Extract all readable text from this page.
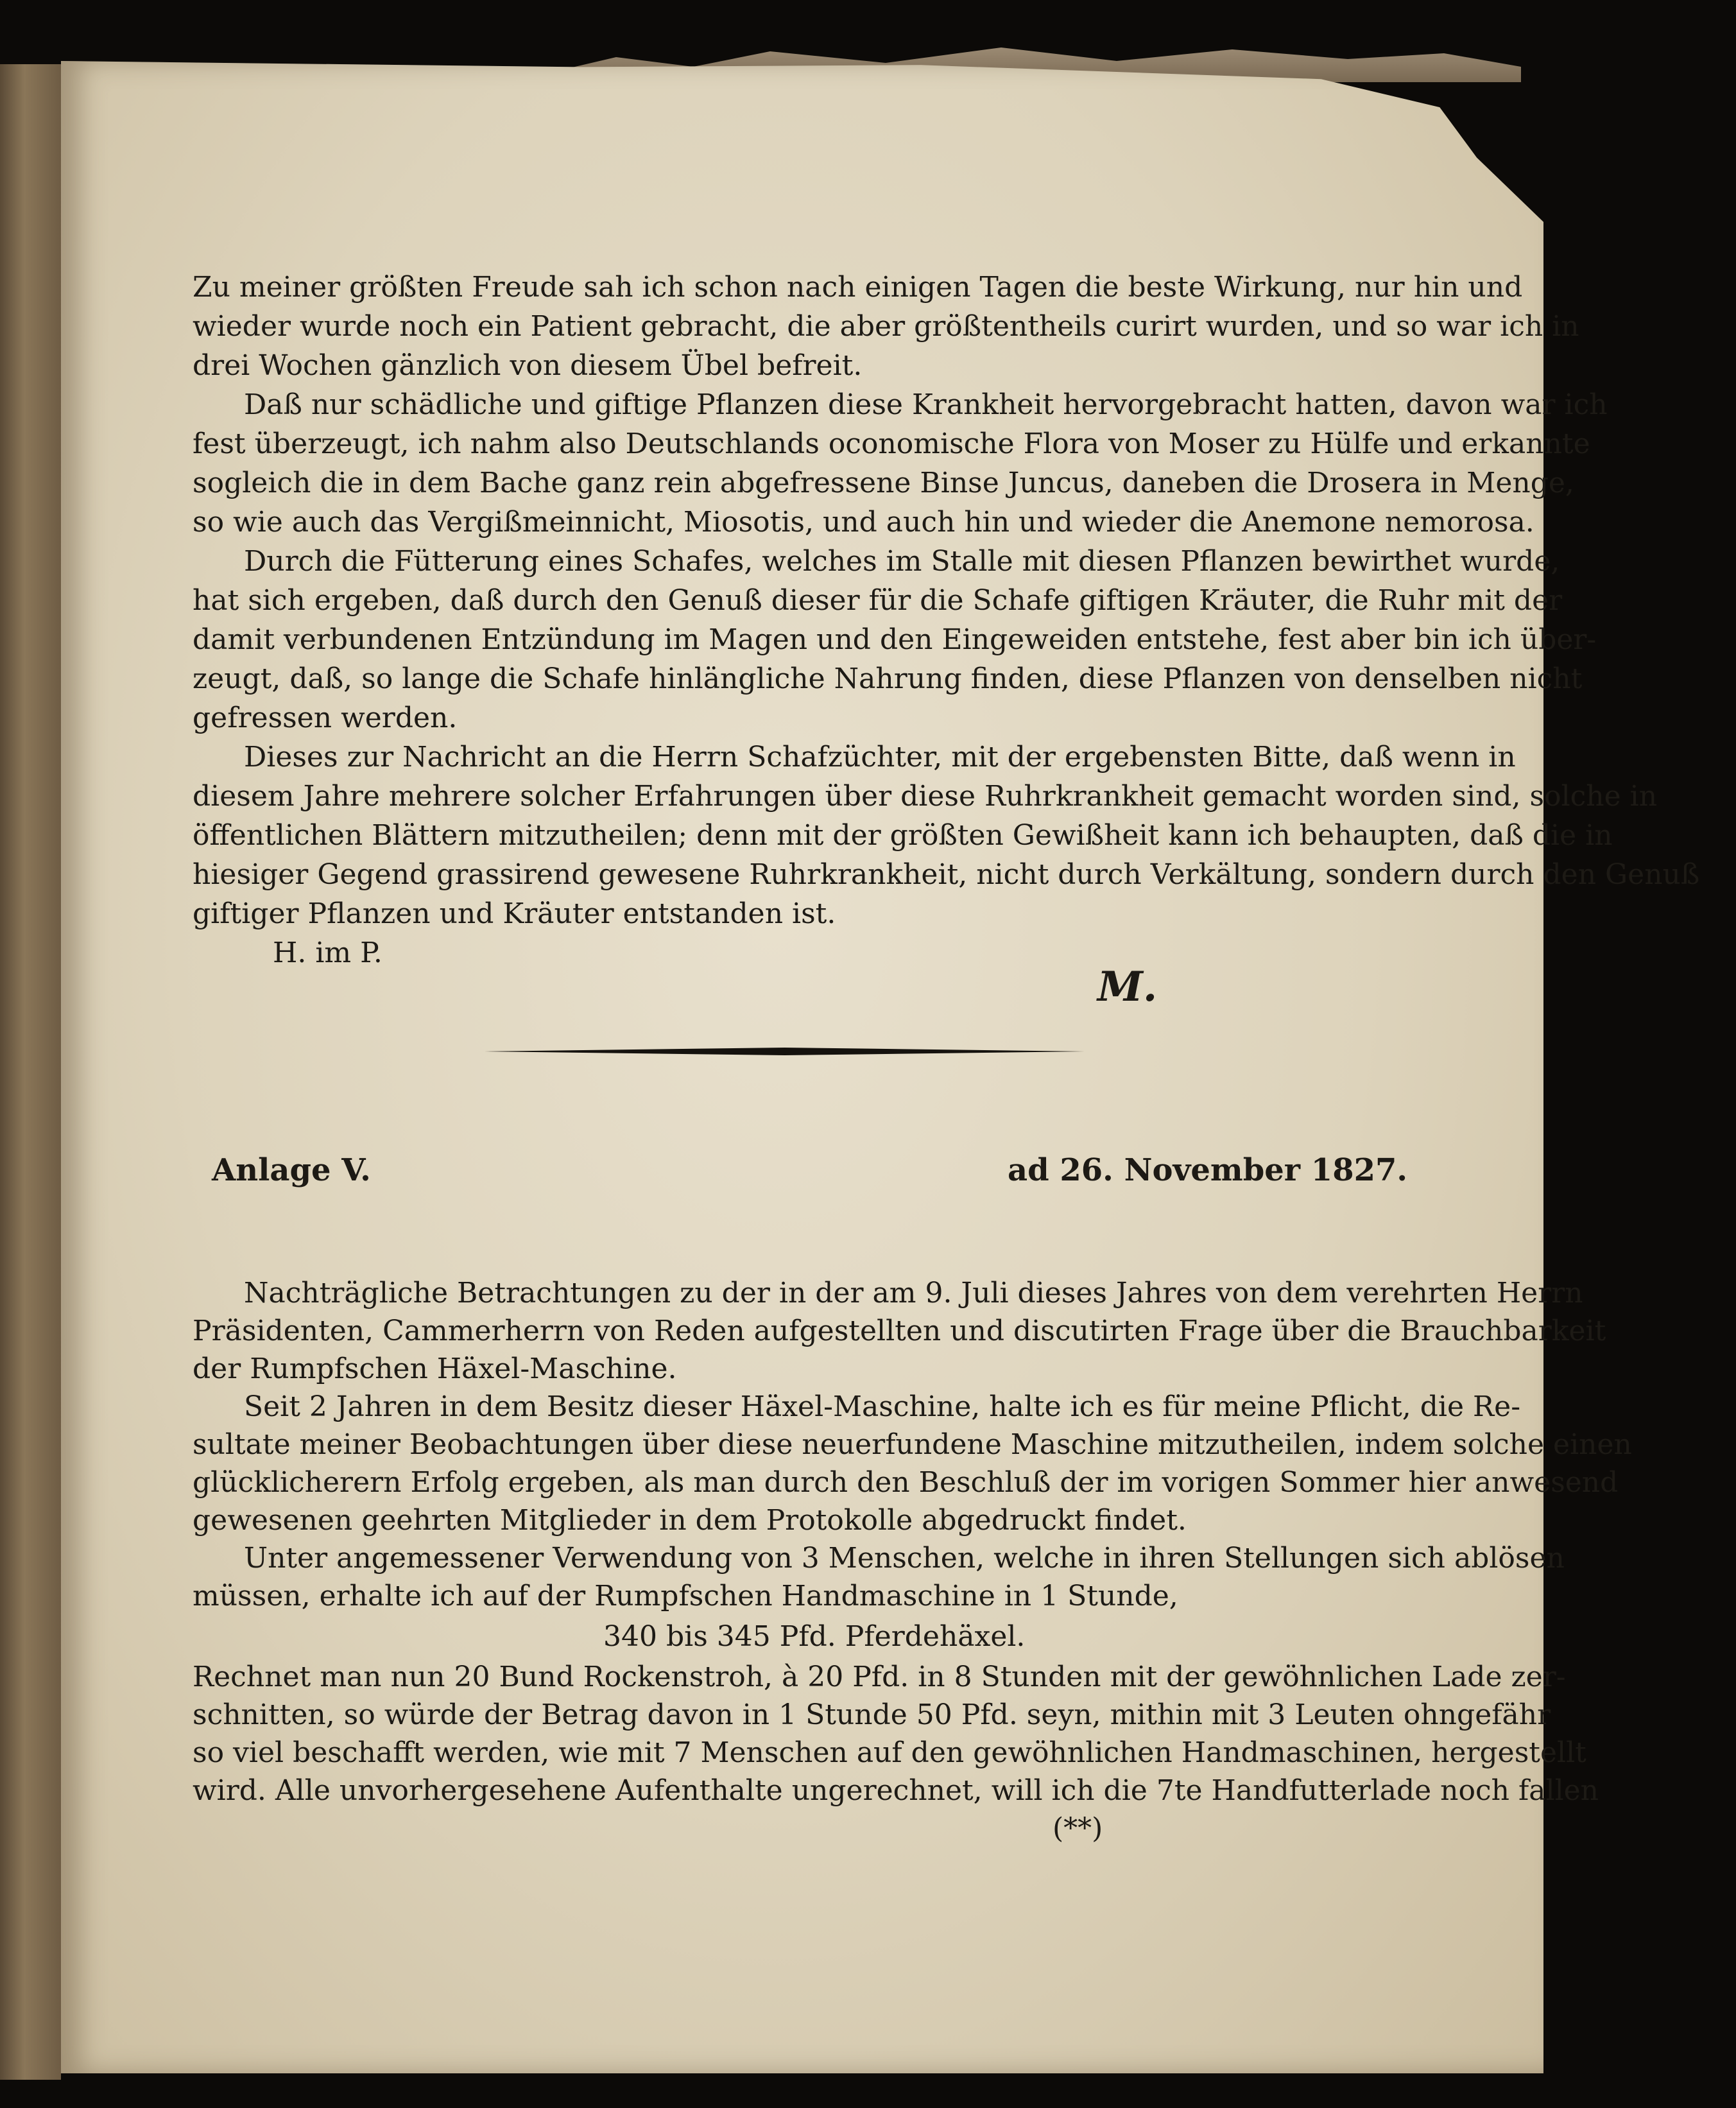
Zu meiner größten Freude sah ich schon nach einigen Tagen die beste Wirkung, nur hin und
wieder wurde noch ein Patient gebracht, die aber größtentheils curirt wurden, und so war ich in
drei Wochen gänzlich von diesem Übel befreit.
Daß nur schädliche und giftige Pflanzen diese Krankheit hervorgebracht hatten, davon war ich
fest überzeugt, ich nahm also Deutschlands oconomische Flora von Moser zu Hülfe und erkannte
sogleich die in dem Bache ganz rein abgefressene Binse Juncus, daneben die Drosera in Menge,
so wie auch das Vergißmeinnicht, Miosotis, und auch hin und wieder die Anemone nemorosa.
Durch die Fütterung eines Schafes, welches im Stalle mit diesen Pflanzen bewirthet wurde,
hat sich ergeben, daß durch den Genuß dieser für die Schafe giftigen Kräuter, die Ruhr mit der
damit verbundenen Entzündung im Magen und den Eingeweiden entstehe, fest aber bin ich über-
zeugt, daß, so lange die Schafe hinlängliche Nahrung finden, diese Pflanzen von denselben nicht
gefressen werden.
Dieses zur Nachricht an die Herrn Schafzüchter, mit der ergebensten Bitte, daß wenn in
diesem Jahre mehrere solcher Erfahrungen über diese Ruhrkrankheit gemacht worden sind, solche in
öffentlichen Blättern mitzutheilen; denn mit der größten Gewißheit kann ich behaupten, daß die in
hiesiger Gegend grassirend gewesene Ruhrkrankheit, nicht durch Verkältung, sondern durch den Genuß
giftiger Pflanzen und Kräuter entstanden ist.
H. im P.
M.
Anlage V.	ad 26. November 1827.
Nachträgliche Betrachtungen zu der in der am 9. Juli dieses Jahres von dem verehrten Herrn
Präsidenten, Cammerherrn von Reden aufgestellten und discutirten Frage über die Brauchbarkeit
der Rumpfschen Häxel-Maschine.
Seit 2 Jahren in dem Besitz dieser Häxel-Maschine, halte ich es für meine Pflicht, die Re-
sultate meiner Beobachtungen über diese neuerfundene Maschine mitzutheilen, indem solche einen
glücklicherern Erfolg ergeben, als man durch den Beschluß der im vorigen Sommer hier anwesend
gewesenen geehrten Mitglieder in dem Protokolle abgedruckt findet.
Unter angemessener Verwendung von 3 Menschen, welche in ihren Stellungen sich ablösen
müssen, erhalte ich auf der Rumpfschen Handmaschine in 1 Stunde,
340 bis 345 Pfd. Pferdehäxel.
Rechnet man nun 20 Bund Rockenstroh, à 20 Pfd. in 8 Stunden mit der gewöhnlichen Lade zer-
schnitten, so würde der Betrag davon in 1 Stunde 50 Pfd. seyn, mithin mit 3 Leuten ohngefähr
so viel beschafft werden, wie mit 7 Menschen auf den gewöhnlichen Handmaschinen, hergestellt
wird. Alle unvorhergesehene Aufenthalte ungerechnet, will ich die 7te Handfutterlade noch fallen
(**)
